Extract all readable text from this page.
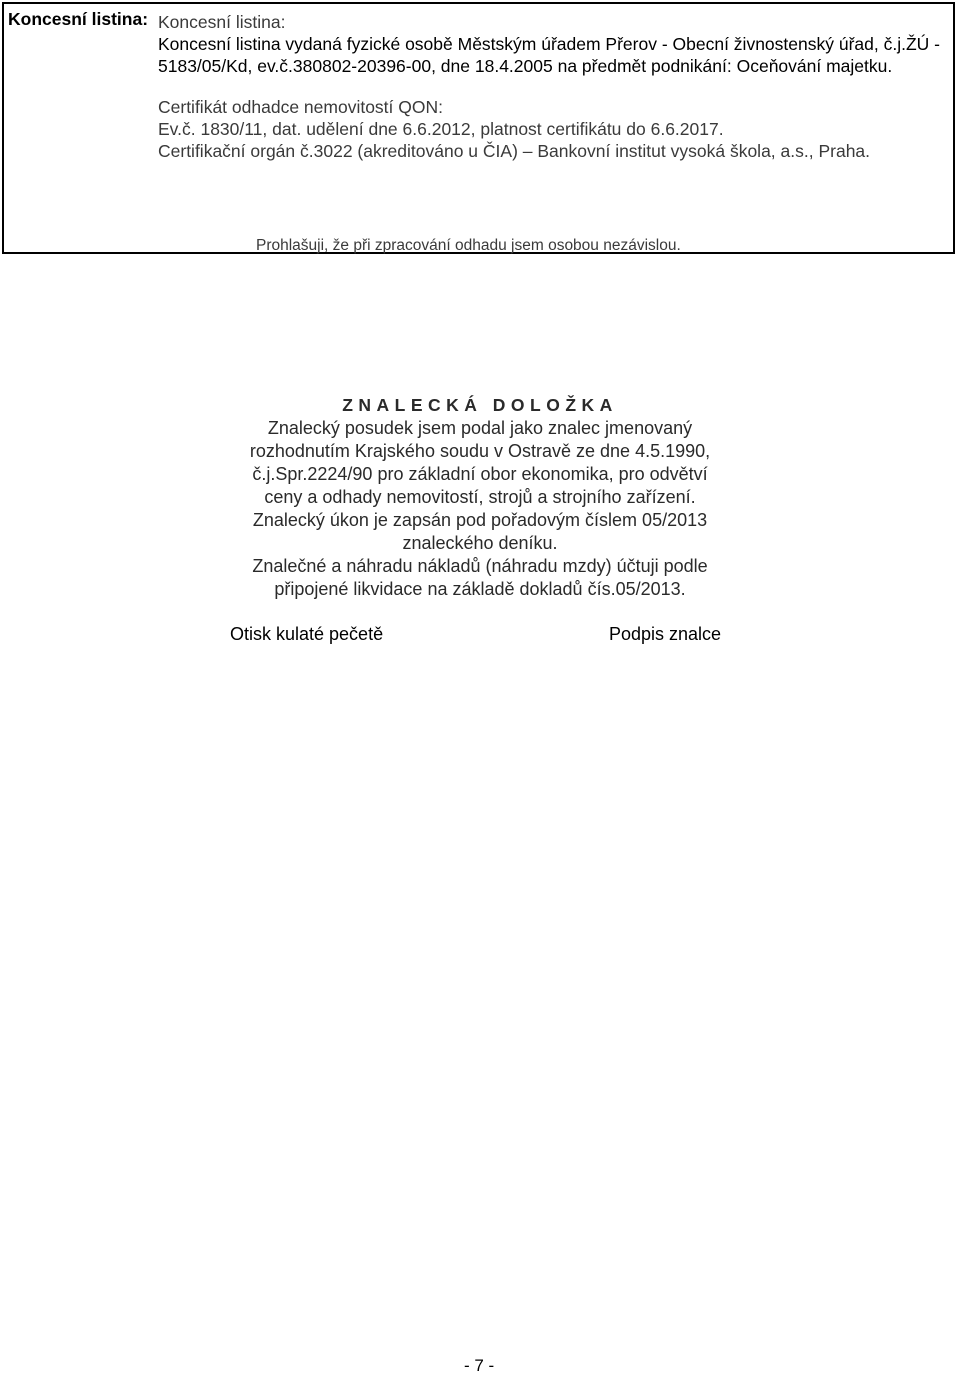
Koncesní listina: Koncesní listina:

Koncesní listina vydaná fyzické osobě Městským úřadem Přerov - Obecní živnostenský úřad, č.j.ŽÚ - 5183/05/Kd, ev.č.380802-20396-00, dne 18.4.2005 na předmět podnikání: Oceňování majetku.

Certifikát odhadce nemovitostí QON:

Ev.č. 1830/11, dat. udělení dne 6.6.2012, platnost certifikátu do 6.6.2017.

Certifikační orgán č.3022 (akreditováno u ČIA) – Bankovní institut vysoká škola, a.s., Praha.

Prohlašuji, že při zpracování odhadu jsem osobou nezávislou.

ZNALECKÁ DOLOŽKA

Znalecký posudek jsem podal jako znalec jmenovaný

rozhodnutím Krajského soudu v Ostravě ze dne 4.5.1990,

č.j.Spr.2224/90 pro základní obor ekonomika, pro odvětví

ceny a odhady nemovitostí, strojů a strojního zařízení.

Znalecký úkon je zapsán pod pořadovým číslem 05/2013

znaleckého deníku.

Znalečné a náhradu nákladů (náhradu mzdy) účtuji podle

připojené likvidace na základě dokladů čís.05/2013.

Otisk kulaté pečetě	Podpis znalce
- 7 -
